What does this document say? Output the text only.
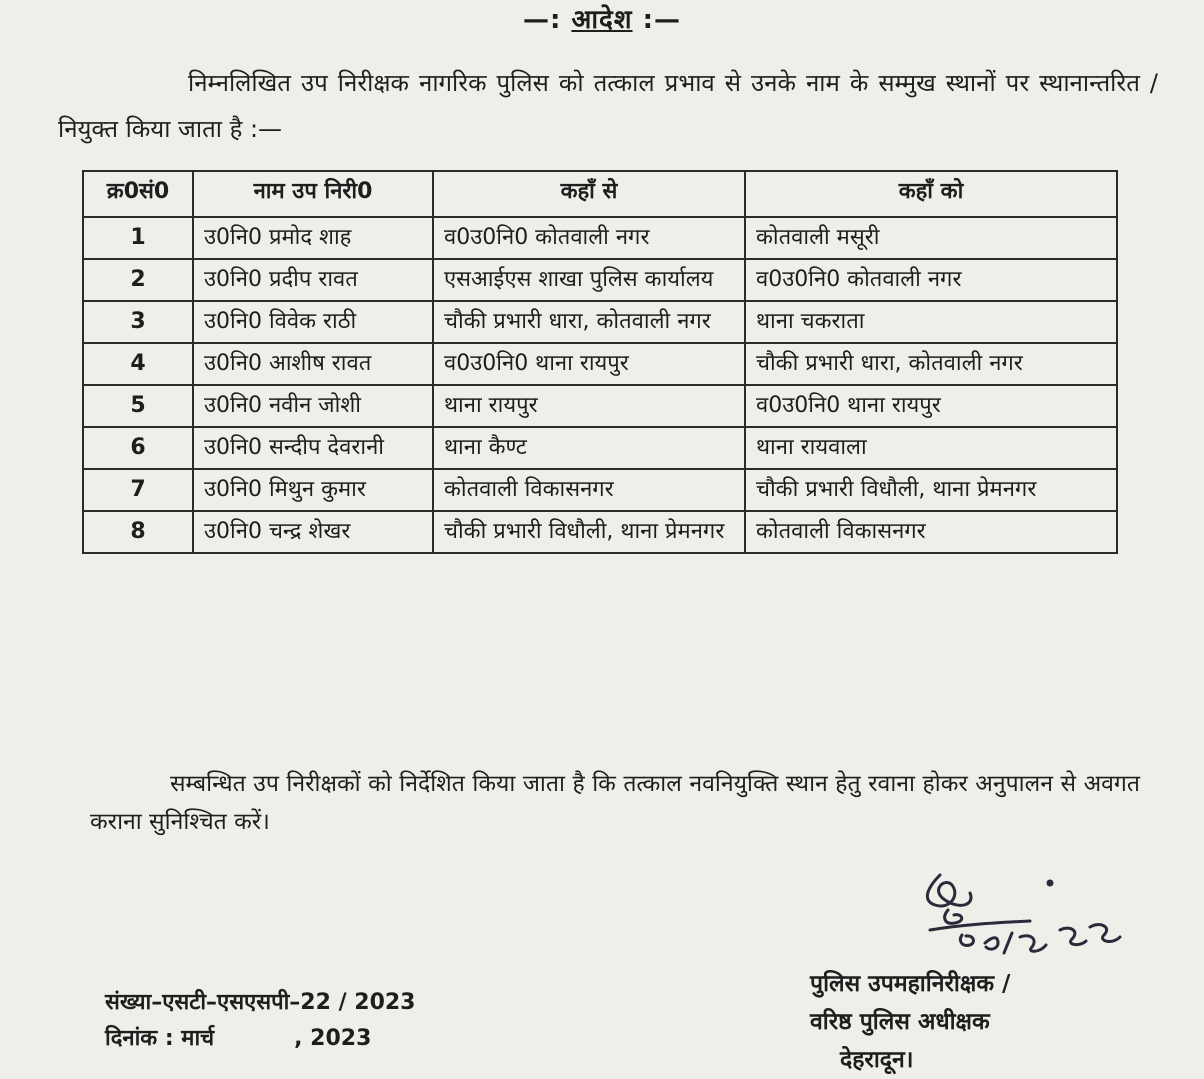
—: आदेश :—
निम्नलिखित उप निरीक्षक नागरिक पुलिस को तत्काल प्रभाव से उनके नाम के सम्मुख स्थानों पर स्थानान्तरित / नियुक्त किया जाता है :—
क्र0सं0	नाम उप निरी0	कहाँ से	कहाँ को
1	उ0नि0 प्रमोद शाह	व0उ0नि0 कोतवाली नगर	कोतवाली मसूरी
2	उ0नि0 प्रदीप रावत	एसआईएस शाखा पुलिस कार्यालय	व0उ0नि0 कोतवाली नगर
3	उ0नि0 विवेक राठी	चौकी प्रभारी धारा, कोतवाली नगर	थाना चकराता
4	उ0नि0 आशीष रावत	व0उ0नि0 थाना रायपुर	चौकी प्रभारी धारा, कोतवाली नगर
5	उ0नि0 नवीन जोशी	थाना रायपुर	व0उ0नि0 थाना रायपुर
6	उ0नि0 सन्दीप देवरानी	थाना कैण्ट	थाना रायवाला
7	उ0नि0 मिथुन कुमार	कोतवाली विकासनगर	चौकी प्रभारी विधौली, थाना प्रेमनगर
8	उ0नि0 चन्द्र शेखर	चौकी प्रभारी विधौली, थाना प्रेमनगर	कोतवाली विकासनगर
सम्बन्धित उप निरीक्षकों को निर्देशित किया जाता है कि तत्काल नवनियुक्ति स्थान हेतु रवाना होकर अनुपालन से अवगत कराना सुनिश्चित करें।
16/03/2023
पुलिस उपमहानिरीक्षक /
वरिष्ठ पुलिस अधीक्षक
देहरादून।
संख्या–एसटी–एसएसपी–22 / 2023
दिनांक : मार्च	, 2023
